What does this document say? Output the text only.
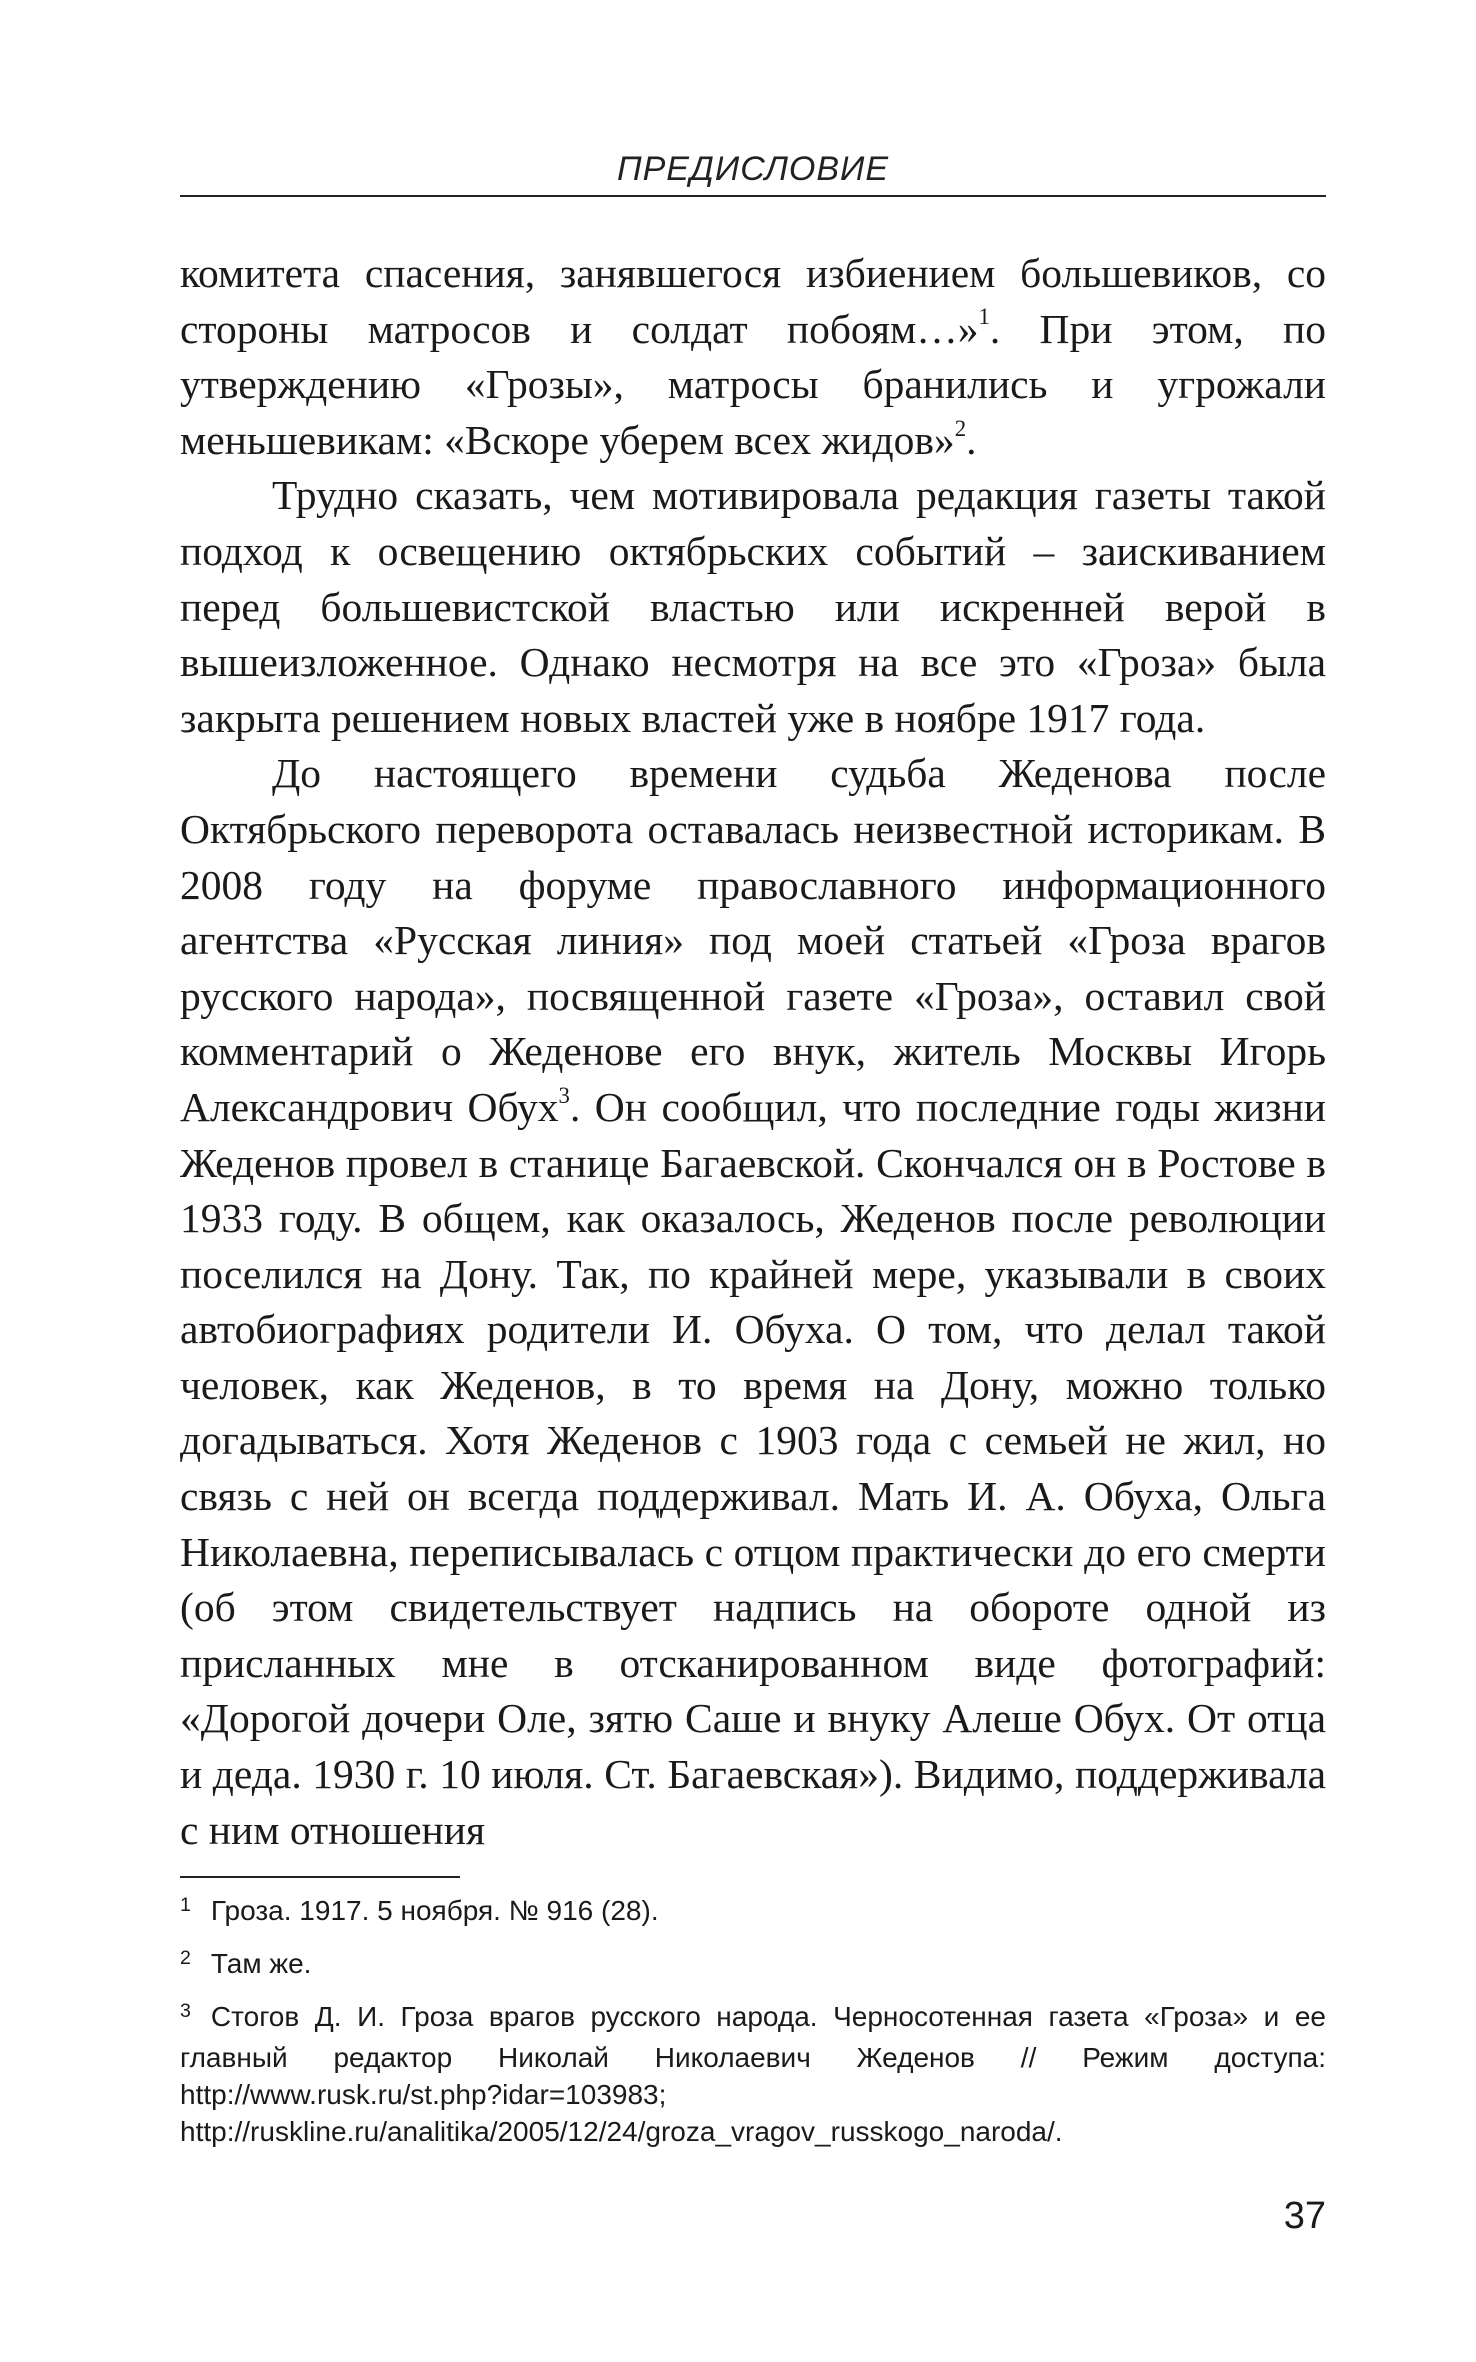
ПРЕДИСЛОВИЕ

комитета спасения, занявшегося избиением большевиков, со стороны матросов и солдат побоям…»$^1$. При этом, по утверждению «Грозы», матросы бранились и угрожали меньшевикам: «Вскоре уберем всех жидов»$^2$.

Трудно сказать, чем мотивировала редакция газеты такой подход к освещению октябрьских событий – заискиванием перед большевистской властью или искренней верой в вышеизложенное. Однако несмотря на все это «Гроза» была закрыта решением новых властей уже в ноябре 1917 года.

До настоящего времени судьба Жеденова после Октябрьского переворота оставалась неизвестной историкам. В 2008 году на форуме православного информационного агентства «Русская линия» под моей статьей «Гроза врагов русского народа», посвященной газете «Гроза», оставил свой комментарий о Жеденове его внук, житель Москвы Игорь Александрович Обух$^3$. Он сообщил, что последние годы жизни Жеденов провел в станице Багаевской. Скончался он в Ростове в 1933 году. В общем, как оказалось, Жеденов после революции поселился на Дону. Так, по крайней мере, указывали в своих автобиографиях родители И. Обуха. О том, что делал такой человек, как Жеденов, в то время на Дону, можно только догадываться. Хотя Жеденов с 1903 года с семьей не жил, но связь с ней он всегда поддерживал. Мать И. А. Обуха, Ольга Николаевна, переписывалась с отцом практически до его смерти (об этом свидетельствует надпись на обороте одной из присланных мне в отсканированном виде фотографий: «Дорогой дочери Оле, зятю Саше и внуку Алеше Обух. От отца и деда. 1930 г. 10 июля. Ст. Багаевская»). Видимо, поддерживала с ним отношения

$^1$ Гроза. 1917. 5 ноября. № 916 (28).

$^2$ Там же.

$^3$ Стогов Д. И. Гроза врагов русского народа. Черносотенная газета «Гроза» и ее главный редактор Николай Николаевич Жеденов // Режим доступа: http://www.rusk.ru/st.php?idar=103983; http://ruskline.ru/analitika/2005/12/24/groza_vragov_russkogo_naroda/.

37
